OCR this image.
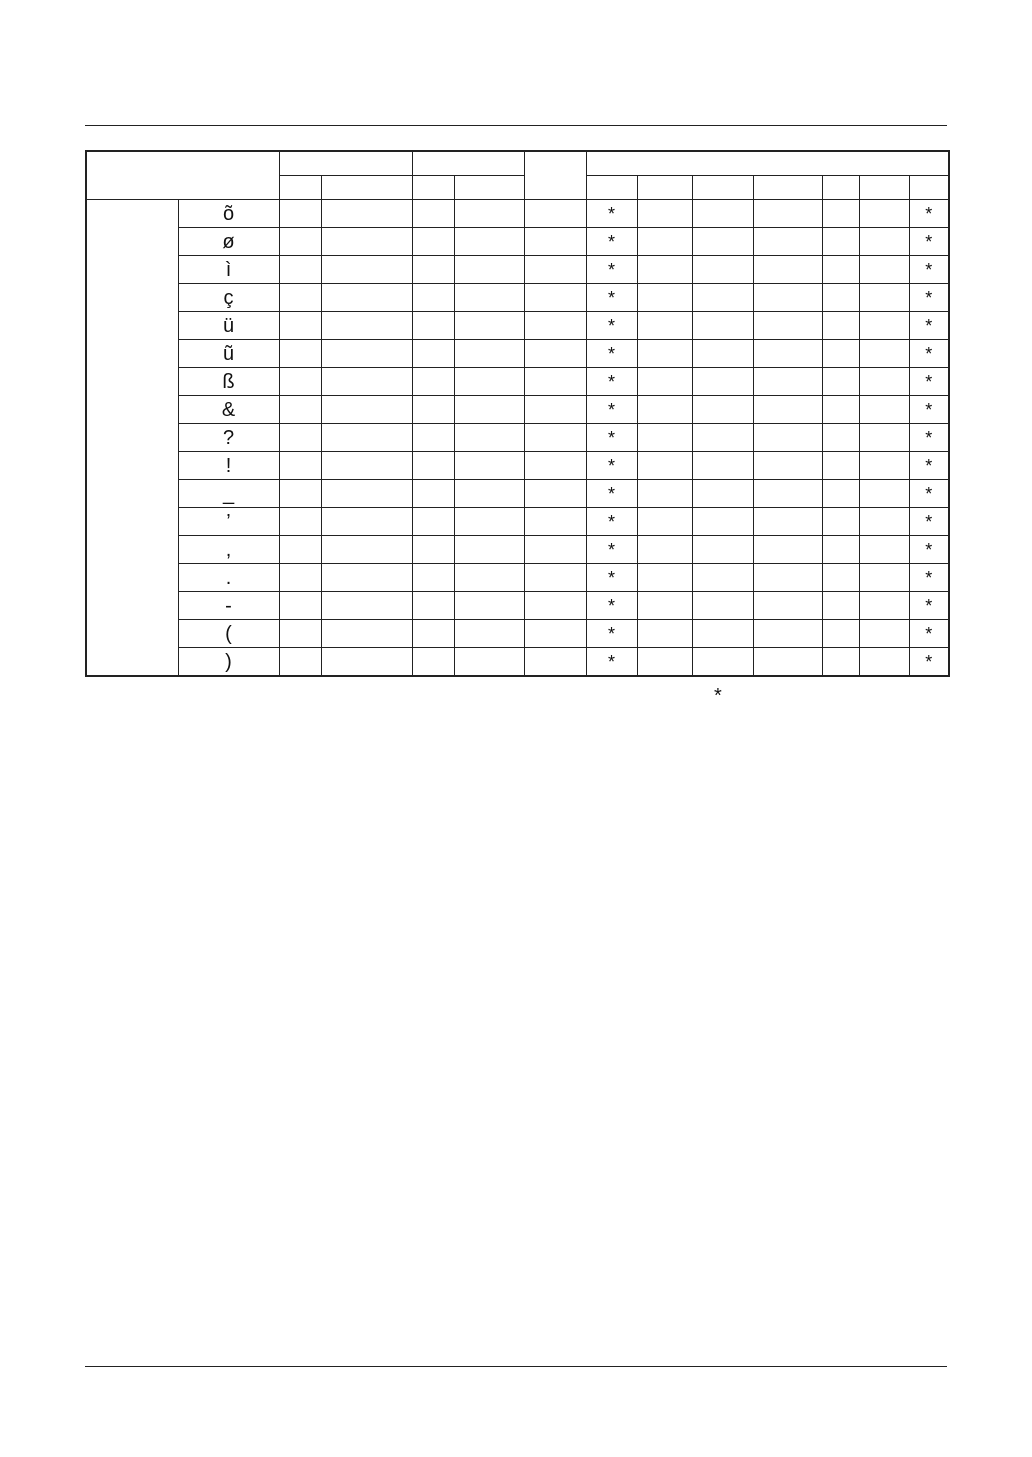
	õ						*						*
	ø						*						*
	ì						*						*
	ç						*						*
	ü						*						*
	ũ						*						*
	ß						*						*
	&						*						*
	?						*						*
	!						*						*
	_						*						*
	’						*						*
	,						*						*
	.						*						*
	-						*						*
	(						*						*
	)						*						*
*
